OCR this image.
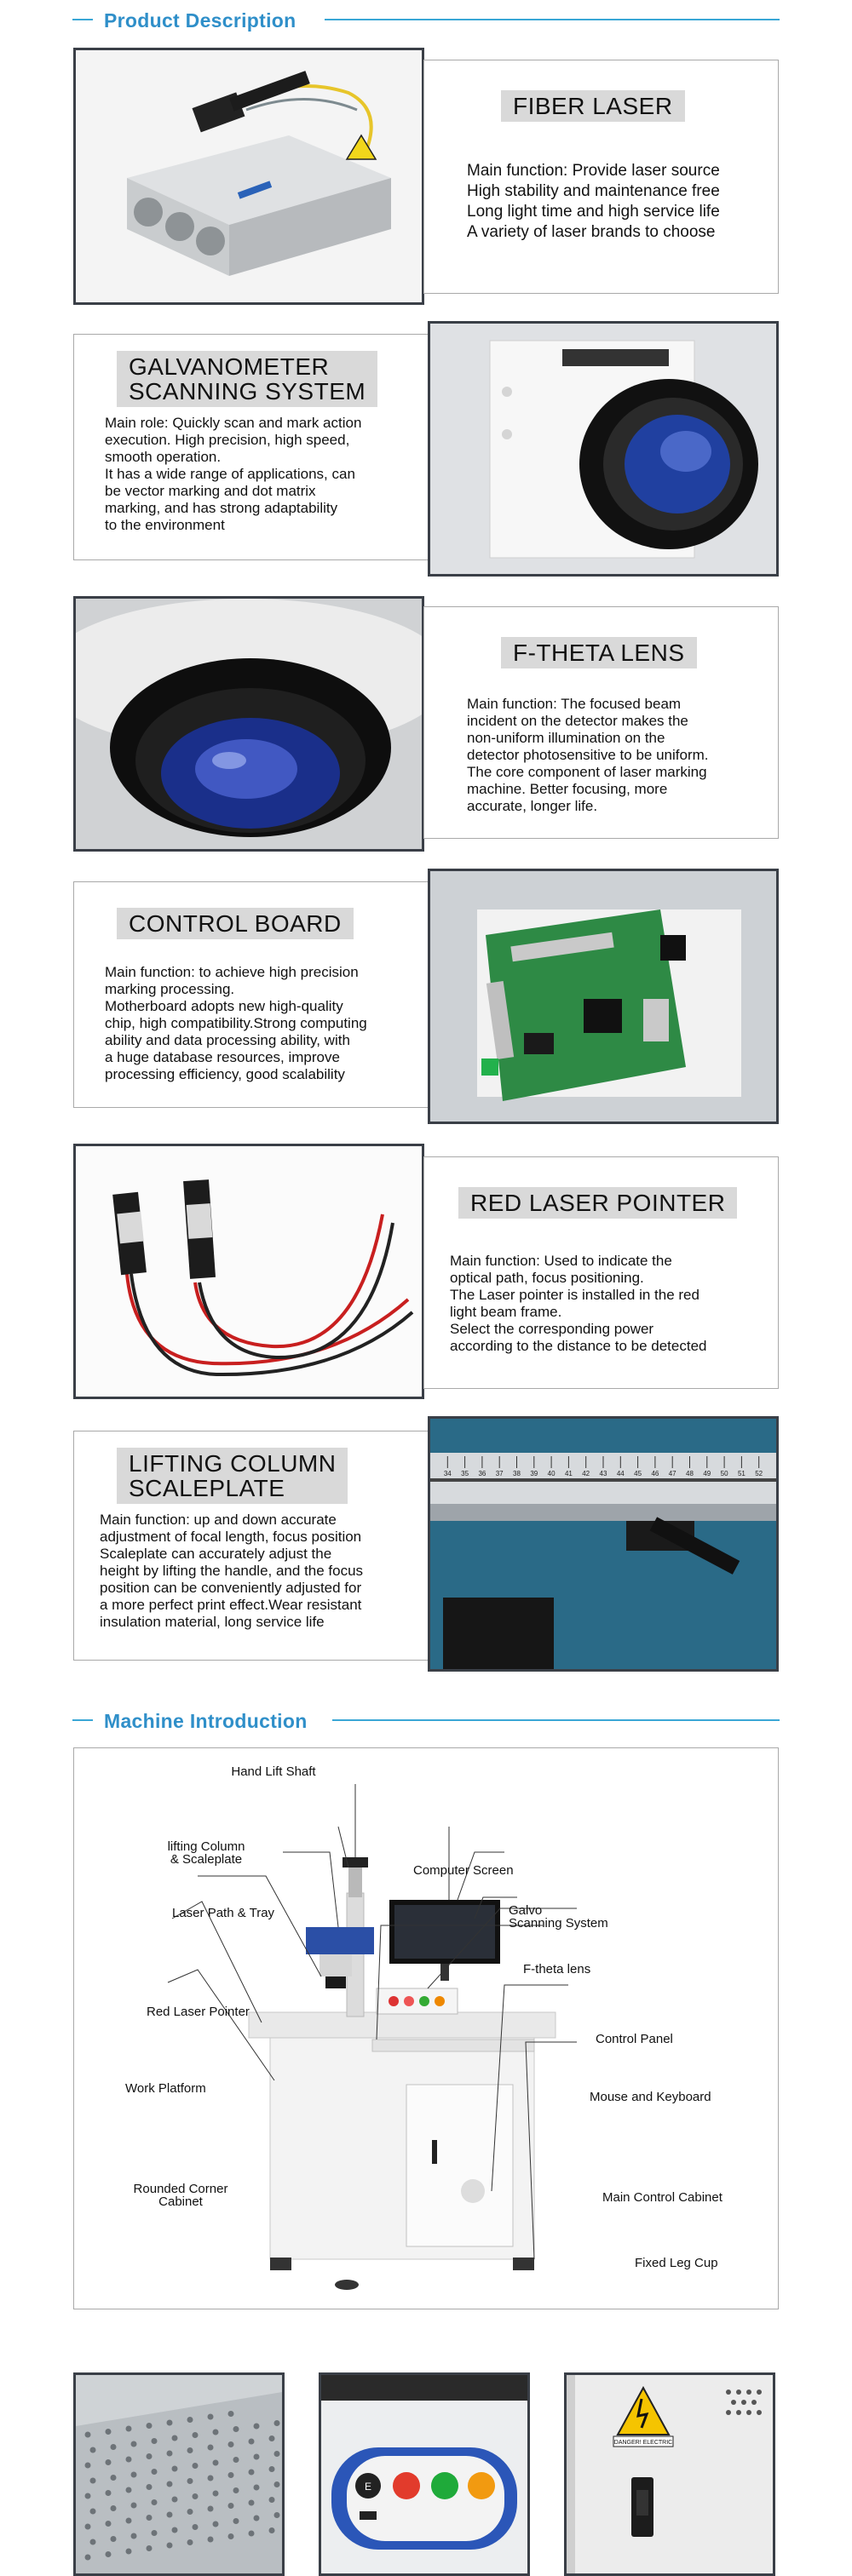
Product Description
FIBER LASER
Main function: Provide laser source
High stability and maintenance free
Long light time and high service life
A variety of laser brands to choose
GALVANOMETER
SCANNING SYSTEM
Main role: Quickly scan and mark action
execution. High precision, high speed,
smooth operation.
It has a wide range of applications, can
be vector marking and dot matrix
marking, and has strong adaptability
to the environment
F-THETA LENS
Main function: The focused beam
incident on the detector makes the
non-uniform illumination on the
detector photosensitive to be uniform.
The core component of laser marking
machine. Better focusing, more
accurate, longer life.
CONTROL BOARD
Main function: to achieve high precision
marking processing.
Motherboard adopts new high-quality
chip, high compatibility.Strong computing
ability and data processing ability, with
a huge database resources, improve
processing efficiency, good scalability
RED LASER POINTER
Main function: Used to indicate the
optical path, focus positioning.
The Laser pointer is installed in the red
light beam frame.
Select the corresponding power
according to the distance to be detected
LIFTING COLUMN
SCALEPLATE
Main function: up and down accurate
adjustment of focal length, focus position
Scaleplate can accurately adjust the
height by lifting the handle, and the focus
position can be conveniently adjusted for
a more perfect print effect.Wear resistant
insulation material, long service life
34 35 36 37 38 39 40 41 42 43 44 45 46 47 48 49 50 51 52
Machine Introduction
Hand Lift Shaft
lifting Column
& Scaleplate
Computer Screen
Laser Path & Tray	Galvo
Scanning System
F-theta lens
Red Laser Pointer
Control Panel
Work Platform
Mouse and Keyboard
Rounded Corner
Cabinet	Main Control Cabinet
Fixed Leg Cup
E
DANGER! ELECTRIC
